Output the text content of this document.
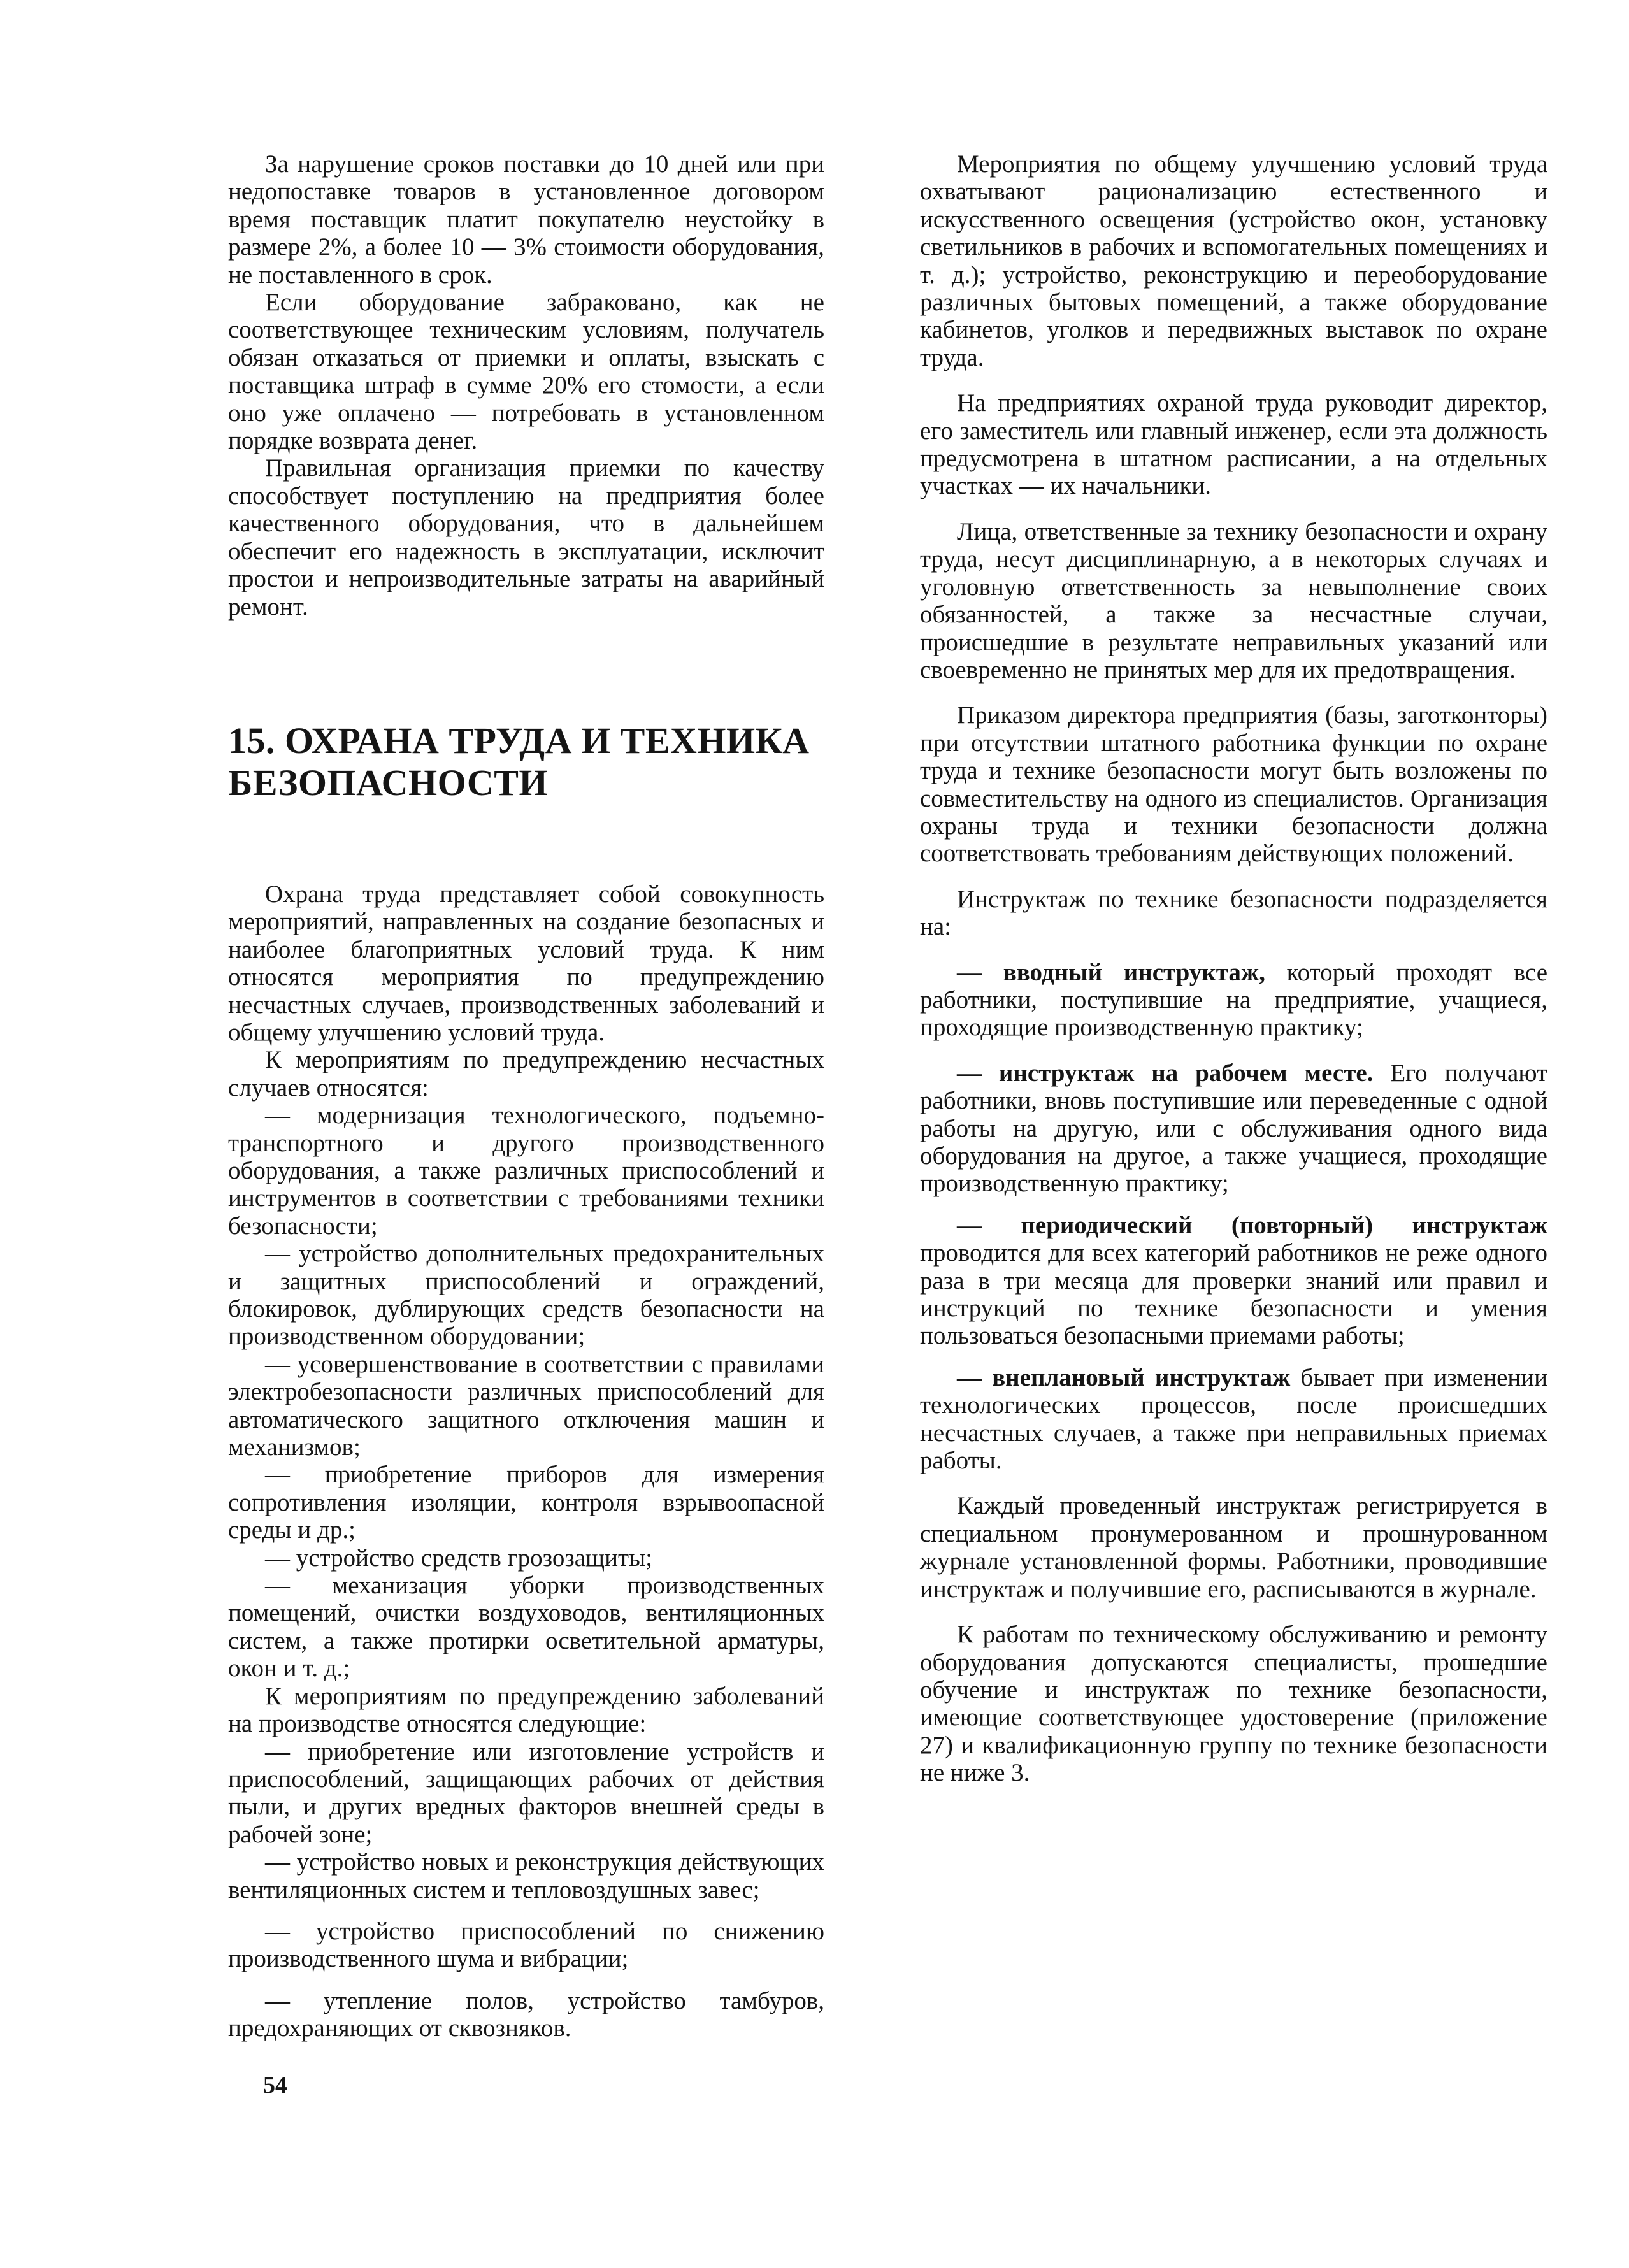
За нарушение сроков поставки до 10 дней или при недопоставке товаров в установленное договором время поставщик платит покупателю неустойку в размере 2%, а более 10 — 3% стоимости оборудования, не поставленного в срок.

Если оборудование забраковано, как не соответствующее техническим условиям, получатель обязан отказаться от приемки и оплаты, взыскать с поставщика штраф в сумме 20% его стомости, а если оно уже оплачено — потребовать в установленном порядке возврата денег.

Правильная организация приемки по качеству способствует поступлению на предприятия более качественного оборудования, что в дальнейшем обеспечит его надежность в эксплуатации, исключит простои и непроизводительные затраты на аварийный ремонт.

15. ОХРАНА ТРУДА И ТЕХНИКА
БЕЗОПАСНОСТИ

Охрана труда представляет собой совокупность мероприятий, направленных на создание безопасных и наиболее благоприятных условий труда. К ним относятся мероприятия по предупреждению несчастных случаев, производственных заболеваний и общему улучшению условий труда.

К мероприятиям по предупреждению несчастных случаев относятся:

— модернизация технологического, подъемно-транспортного и другого производственного оборудования, а также различных приспособлений и инструментов в соответствии с требованиями техники безопасности;

— устройство дополнительных предохранительных и защитных приспособлений и ограждений, блокировок, дублирующих средств безопасности на производственном оборудовании;

— усовершенствование в соответствии с правилами электробезопасности различных приспособлений для автоматического защитного отключения машин и механизмов;

— приобретение приборов для измерения сопротивления изоляции, контроля взрывоопасной среды и др.;

— устройство средств грозозащиты;

— механизация уборки производственных помещений, очистки воздуховодов, вентиляционных систем, а также протирки осветительной арматуры, окон и т. д.;

К мероприятиям по предупреждению заболеваний на производстве относятся следующие:

— приобретение или изготовление устройств и приспособлений, защищающих рабочих от действия пыли, и других вредных факторов внешней среды в рабочей зоне;

— устройство новых и реконструкция действующих вентиляционных систем и тепловоздушных завес;

— устройство приспособлений по снижению производственного шума и вибрации;

— утепление полов, устройство тамбуров, предохраняющих от сквозняков.

Мероприятия по общему улучшению условий труда охватывают рационализацию естественного и искусственного освещения (устройство окон, установку светильников в рабочих и вспомогательных помещениях и т. д.); устройство, реконструкцию и переоборудование различных бытовых помещений, а также оборудование кабинетов, уголков и передвижных выставок по охране труда.

На предприятиях охраной труда руководит директор, его заместитель или главный инженер, если эта должность предусмотрена в штатном расписании, а на отдельных участках — их начальники.

Лица, ответственные за технику безопасности и охрану труда, несут дисциплинарную, а в некоторых случаях и уголовную ответственность за невыполнение своих обязанностей, а также за несчастные случаи, происшедшие в результате неправильных указаний или своевременно не принятых мер для их предотвращения.

Приказом директора предприятия (базы, заготконторы) при отсутствии штатного работника функции по охране труда и технике безопасности могут быть возложены по совместительству на одного из специалистов. Организация охраны труда и техники безопасности должна соответствовать требованиям действующих положений.

Инструктаж по технике безопасности подразделяется на:

— вводный инструктаж, который проходят все работники, поступившие на предприятие, учащиеся, проходящие производственную практику;

— инструктаж на рабочем месте. Его получают работники, вновь поступившие или переведенные с одной работы на другую, или с обслуживания одного вида оборудования на другое, а также учащиеся, проходящие производственную практику;

— периодический (повторный) инструктаж проводится для всех категорий работников не реже одного раза в три месяца для проверки знаний или правил и инструкций по технике безопасности и умения пользоваться безопасными приемами работы;

— внеплановый инструктаж бывает при изменении технологических процессов, после происшедших несчастных случаев, а также при неправильных приемах работы.

Каждый проведенный инструктаж регистрируется в специальном пронумерованном и прошнурованном журнале установленной формы. Работники, проводившие инструктаж и получившие его, расписываются в журнале.

К работам по техническому обслуживанию и ремонту оборудования допускаются специалисты, прошедшие обучение и инструктаж по технике безопасности, имеющие соответствующее удостоверение (приложение 27) и квалификационную группу по технике безопасности не ниже 3.

54
